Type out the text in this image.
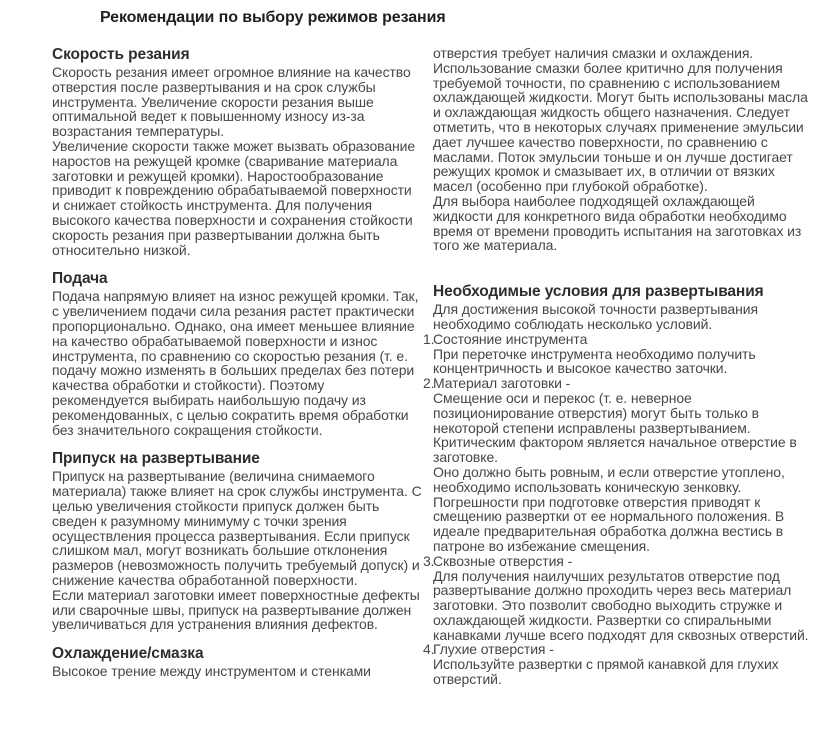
Рекомендации по выбору режимов резания
Скорость резания

Скорость резания имеет огромное влияние на качество отверстия после развертывания и на срок службы инструмента. Увеличение скорости резания выше оптимальной ведет к повышенному износу из-за возрастания температуры.

Увеличение скорости также может вызвать образование наростов на режущей кромке (сваривание материала заготовки и режущей кромки). Наростообразование приводит к повреждению обрабатываемой поверхности и снижает стойкость инструмента. Для получения высокого качества поверхности и сохранения стойкости скорость резания при развертывании должна быть относительно низкой.

Подача

Подача напрямую влияет на износ режущей кромки. Так, с увеличением подачи сила резания растет практически пропорционально. Однако, она имеет меньшее влияние на качество обрабатываемой поверхности и износ инструмента, по сравнению со скоростью резания (т. е. подачу можно изменять в больших пределах без потери качества обработки и стойкости). Поэтому рекомендуется выбирать наибольшую подачу из рекомендованных, с целью сократить время обработки без значительного сокращения стойкости.

Припуск на развертывание

Припуск на развертывание (величина снимаемого материала) также влияет на срок службы инструмента. С целью увеличения стойкости припуск должен быть сведен к разумному минимуму с точки зрения осуществления процесса развертывания. Если припуск слишком мал, могут возникать большие отклонения размеров (невозможность получить требуемый допуск) и снижение качества обработанной поверхности.

Если материал заготовки имеет поверхностные дефекты или сварочные швы, припуск на развертывание должен увеличиваться для устранения влияния дефектов.

Охлаждение/смазка

Высокое трение между инструментом и стенками

отверстия требует наличия смазки и охлаждения. Использование смазки более критично для получения требуемой точности, по сравнению с использованием охлаждающей жидкости. Могут быть использованы масла и охлаждающая жидкость общего назначения. Следует отметить, что в некоторых случаях применение эмульсии дает лучшее качество поверхности, по сравнению с маслами. Поток эмульсии тоньше и он лучше достигает режущих кромок и смазывает их, в отличии от вязких масел (особенно при глубокой обработке).

Для выбора наиболее подходящей охлаждающей жидкости для конкретного вида обработки необходимо время от времени проводить испытания на заготовках из того же материала.

Необходимые условия для развертывания

Для достижения высокой точности развертывания необходимо соблюдать несколько условий.

1.

Состояние инструмента

При переточке инструмента необходимо получить концентричность и высокое качество заточки.

2.

Материал заготовки -

Смещение оси и перекос (т. е. неверное позиционирование отверстия) могут быть только в некоторой степени исправлены развертыванием. Критическим фактором является начальное отверстие в заготовке.

Оно должно быть ровным, и если отверстие утоплено, необходимо использовать коническую зенковку. Погрешности при подготовке отверстия приводят к смещению развертки от ее нормального положения. В идеале предварительная обработка должна вестись в патроне во избежание смещения.

3.

Сквозные отверстия -

Для получения наилучших результатов отверстие под развертывание должно проходить через весь материал заготовки. Это позволит свободно выходить стружке и охлаждающей жидкости. Развертки со спиральными канавками лучше всего подходят для сквозных отверстий.

4.

Глухие отверстия -

Используйте развертки с прямой канавкой для глухих отверстий.
